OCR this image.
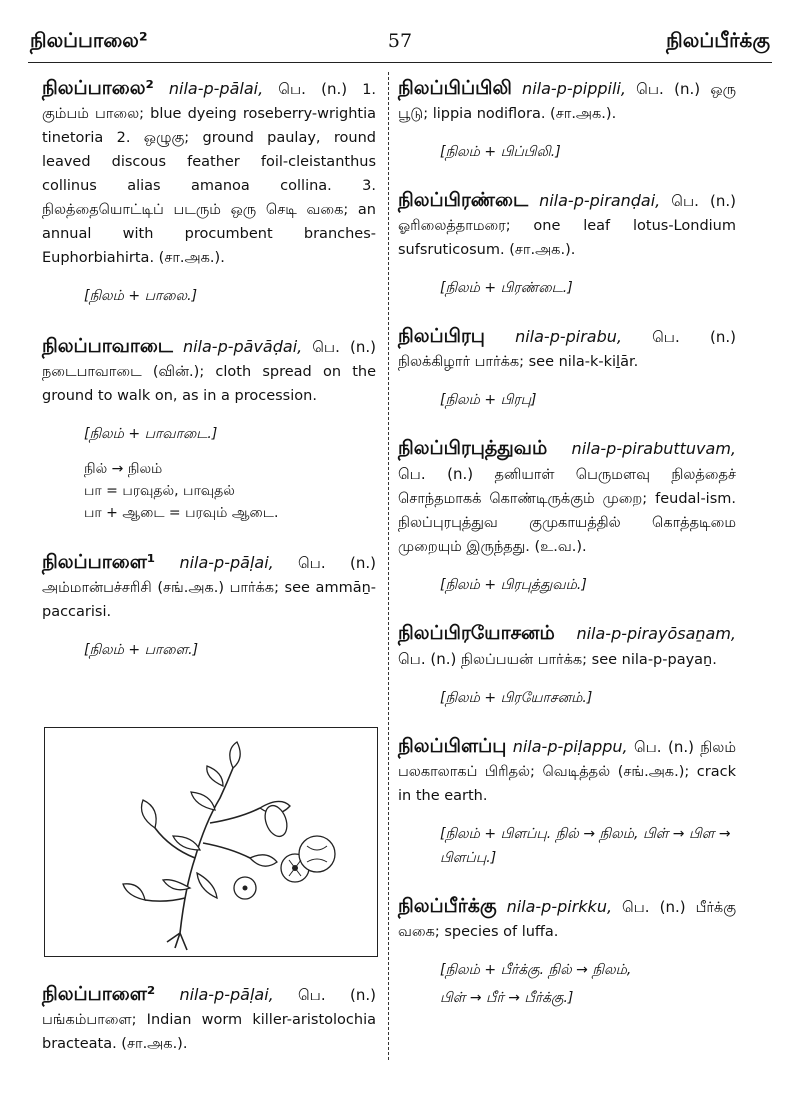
நிலப்பாலை²	57	நிலப்பீர்க்கு
நிலப்பாலை² nila-p-pālai, பெ. (n.) 1. கும்பம் பாலை; blue dyeing roseberry-wrightia tinetoria 2. ஒழுகு; ground paulay, round leaved discous feather foil-cleistanthus collinus alias amanoa collina. 3. நிலத்தையொட்டிப் படரும் ஒரு செடி வகை; an annual with procumbent branches-Euphorbiahirta. (சா.அக.).
[நிலம் + பாலை.]
நிலப்பாவாடை nila-p-pāvāḍai, பெ. (n.) நடைபாவாடை (வின்.); cloth spread on the ground to walk on, as in a procession.
[நிலம் + பாவாடை.]
நில் → நிலம்
பா = பரவுதல், பாவுதல்
பா + ஆடை = பரவும் ஆடை.
நிலப்பாளை¹ nila-p-pāḷai, பெ. (n.) அம்மான்பச்சரிசி (சங்.அக.) பார்க்க; see ammāṉ- paccarisi.
[நிலம் + பாளை.]
நிலப்பாளை² nila-p-pāḷai, பெ. (n.) பங்கம்பாளை; Indian worm killer-aristolochia bracteata. (சா.அக.).
நிலப்பிப்பிலி nila-p-pippili, பெ. (n.) ஒரு பூடு; lippia nodiflora. (சா.அக.).
[நிலம் + பிப்பிலி.]
நிலப்பிரண்டை nila-p-piranḍai, பெ. (n.) ஓரிலைத்தாமரை; one leaf lotus-Londium sufsruticosum. (சா.அக.).
[நிலம் + பிரண்டை.]
நிலப்பிரபு nila-p-pirabu, பெ. (n.) நிலக்கிழார் பார்க்க; see nila-k-kiḻār.
[நிலம் + பிரபு]
நிலப்பிரபுத்துவம் nila-p-pirabuttuvam, பெ. (n.) தனியாள் பெருமளவு நிலத்தைச் சொந்தமாகக் கொண்டிருக்கும் முறை; feudal-ism. நிலப்புரபுத்துவ குமுகாயத்தில் கொத்தடிமை முறையும் இருந்தது. (உ.வ.).
[நிலம் + பிரபுத்துவம்.]
நிலப்பிரயோசனம் nila-p-pirayōsaṉam, பெ. (n.) நிலப்பயன் பார்க்க; see nila-p-payaṉ.
[நிலம் + பிரயோசனம்.]
நிலப்பிளப்பு nila-p-piḷappu, பெ. (n.) நிலம் பலகாலாகப் பிரிதல்; வெடித்தல் (சங்.அக.); crack in the earth.
[நிலம் + பிளப்பு. நில் → நிலம், பிள் → பிள → பிளப்பு.]
நிலப்பீர்க்கு nila-p-pirkku, பெ. (n.) பீர்க்கு வகை; species of luffa.
[நிலம் + பீர்க்கு. நில் → நிலம்,
பிள் → பீர் → பீர்க்கு.]
